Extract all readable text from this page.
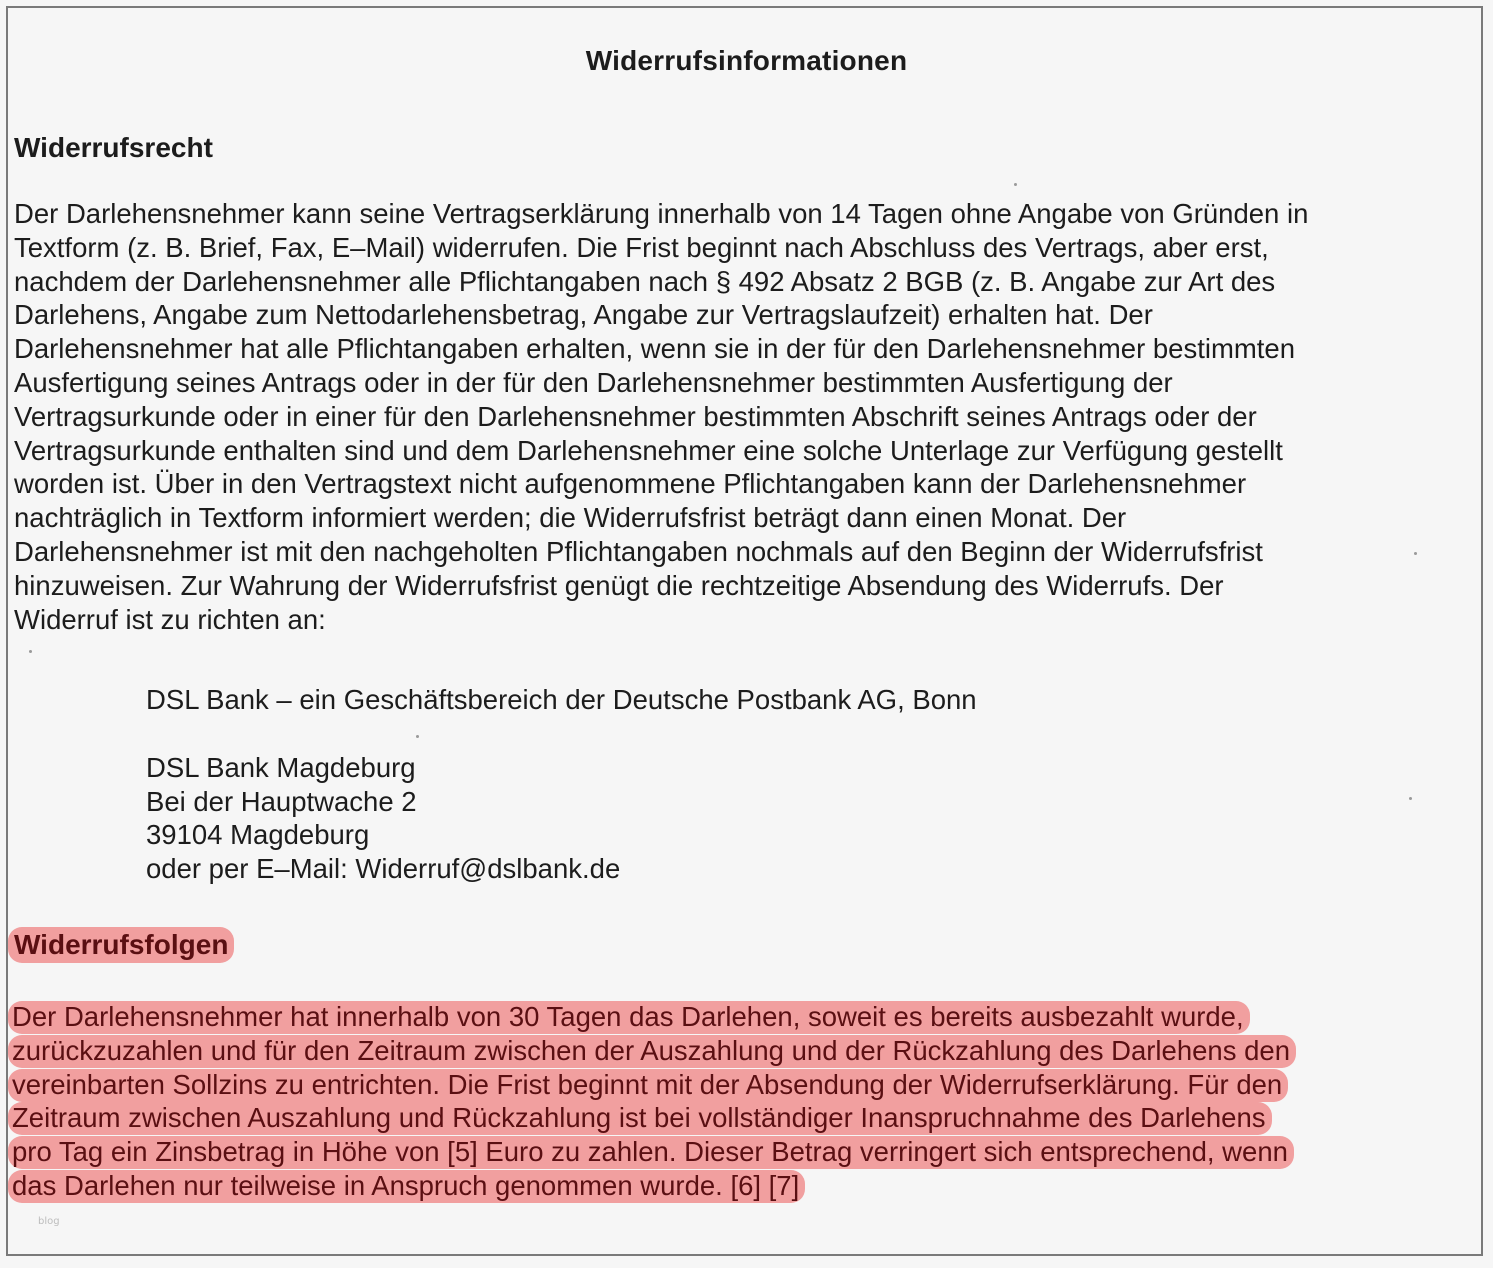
Widerrufsinformationen
Widerrufsrecht
Der Darlehensnehmer kann seine Vertragserklärung innerhalb von 14 Tagen ohne Angabe von Gründen in
Textform (z. B. Brief, Fax, E–Mail) widerrufen. Die Frist beginnt nach Abschluss des Vertrags, aber erst,
nachdem der Darlehensnehmer alle Pflichtangaben nach § 492 Absatz 2 BGB (z. B. Angabe zur Art des
Darlehens, Angabe zum Nettodarlehensbetrag, Angabe zur Vertragslaufzeit) erhalten hat. Der
Darlehensnehmer hat alle Pflichtangaben erhalten, wenn sie in der für den Darlehensnehmer bestimmten
Ausfertigung seines Antrags oder in der für den Darlehensnehmer bestimmten Ausfertigung der
Vertragsurkunde oder in einer für den Darlehensnehmer bestimmten Abschrift seines Antrags oder der
Vertragsurkunde enthalten sind und dem Darlehensnehmer eine solche Unterlage zur Verfügung gestellt
worden ist. Über in den Vertragstext nicht aufgenommene Pflichtangaben kann der Darlehensnehmer
nachträglich in Textform informiert werden; die Widerrufsfrist beträgt dann einen Monat. Der
Darlehensnehmer ist mit den nachgeholten Pflichtangaben nochmals auf den Beginn der Widerrufsfrist
hinzuweisen. Zur Wahrung der Widerrufsfrist genügt die rechtzeitige Absendung des Widerrufs. Der
Widerruf ist zu richten an:
DSL Bank – ein Geschäftsbereich der Deutsche Postbank AG, Bonn
DSL Bank Magdeburg
Bei der Hauptwache 2
39104 Magdeburg
oder per E–Mail: Widerruf@dslbank.de
Widerrufsfolgen
Der Darlehensnehmer hat innerhalb von 30 Tagen das Darlehen, soweit es bereits ausbezahlt wurde,
zurückzuzahlen und für den Zeitraum zwischen der Auszahlung und der Rückzahlung des Darlehens den
vereinbarten Sollzins zu entrichten. Die Frist beginnt mit der Absendung der Widerrufserklärung. Für den
Zeitraum zwischen Auszahlung und Rückzahlung ist bei vollständiger Inanspruchnahme des Darlehens
pro Tag ein Zinsbetrag in Höhe von [5] Euro zu zahlen. Dieser Betrag verringert sich entsprechend, wenn
das Darlehen nur teilweise in Anspruch genommen wurde. [6] [7]
blog
